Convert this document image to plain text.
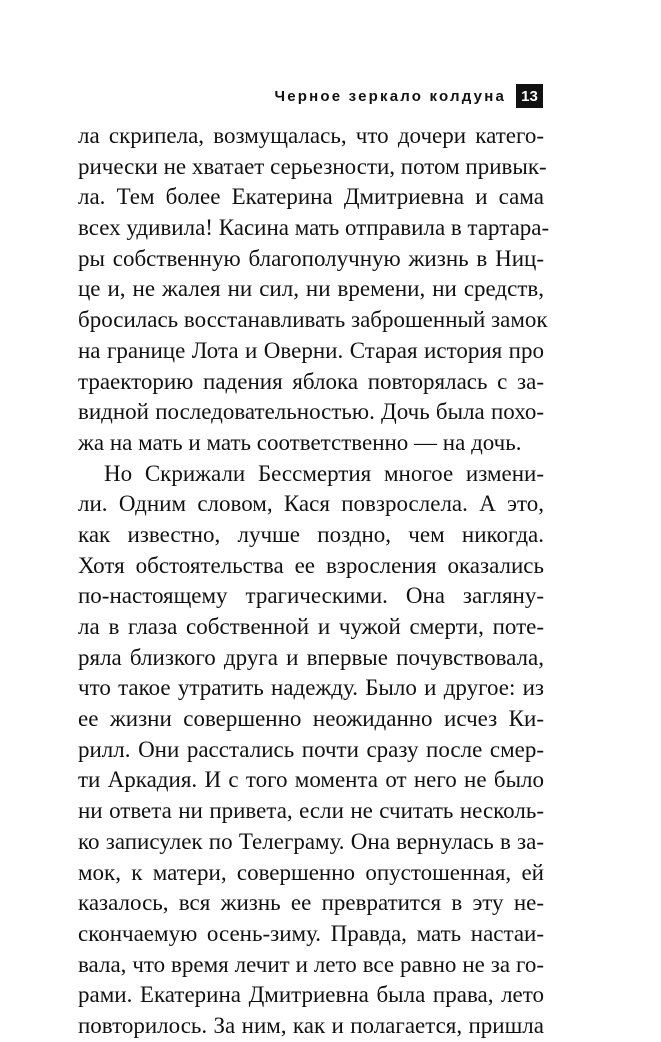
Черное зеркало колдуна	13
ла скрипела, возмущалась, что дочери катего-
рически не хватает серьезности, потом привык-
ла. Тем более Екатерина Дмитриевна и сама
всех удивила! Касина мать отправила в тартара-
ры собственную благополучную жизнь в Ниц-
це и, не жалея ни сил, ни времени, ни средств,
бросилась восстанавливать заброшенный замок
на границе Лота и Оверни. Старая история про
траекторию падения яблока повторялась с за-
видной последовательностью. Дочь была похо-
жа на мать и мать соответственно — на дочь.
Но Скрижали Бессмертия многое измени-
ли. Одним словом, Кася повзрослела. А это,
как известно, лучше поздно, чем никогда.
Хотя обстоятельства ее взросления оказались
по-настоящему трагическими. Она загляну-
ла в глаза собственной и чужой смерти, поте-
ряла близкого друга и впервые почувствовала,
что такое утратить надежду. Было и другое: из
ее жизни совершенно неожиданно исчез Ки-
рилл. Они расстались почти сразу после смер-
ти Аркадия. И с того момента от него не было
ни ответа ни привета, если не считать несколь-
ко записулек по Телеграму. Она вернулась в за-
мок, к матери, совершенно опустошенная, ей
казалось, вся жизнь ее превратится в эту не-
скончаемую осень-зиму. Правда, мать настаи-
вала, что время лечит и лето все равно не за го-
рами. Екатерина Дмитриевна была права, лето
повторилось. За ним, как и полагается, пришла
